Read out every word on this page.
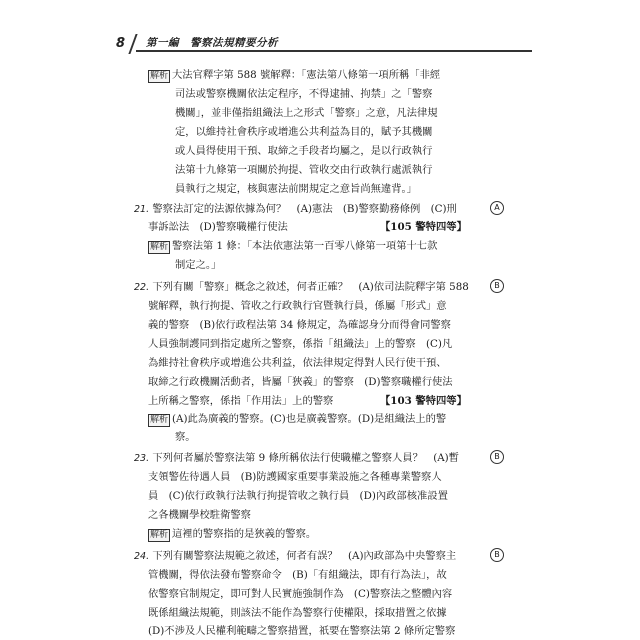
8 第一編　警察法規精要分析
解析 大法官釋字第 588 號解釋：「憲法第八條第一項所稱「非經
司法或警察機關依法定程序，不得逮捕、拘禁」之「警察
機關」，並非僅指組織法上之形式「警察」之意，凡法律規
定，以維持社會秩序或增進公共利益為目的，賦予其機關
或人員得使用干預、取締之手段者均屬之，是以行政執行
法第十九條第一項關於拘提、管收交由行政執行處派執行
員執行之規定，核與憲法前開規定之意旨尚無違背。」
21. 警察法訂定的法源依據為何？　(A)憲法　(B)警察勤務條例　(C)刑	A
事訴訟法　(D)警察職權行使法	【105 警特四等】
解析 警察法第 1 條：「本法依憲法第一百零八條第一項第十七款
制定之。」
22. 下列有關「警察」概念之敘述，何者正確？　(A)依司法院釋字第 588	B
號解釋，執行拘提、管收之行政執行官暨執行員，係屬「形式」意
義的警察　(B)依行政程法第 34 條規定，為確認身分而得會同警察
人員強制護同到指定處所之警察，係指「組織法」上的警察　(C)凡
為維持社會秩序或增進公共利益，依法律規定得對人民行使干預、
取締之行政機關活動者，皆屬「狹義」的警察　(D)警察職權行使法
上所稱之警察，係指「作用法」上的警察	【103 警特四等】
解析 (A)此為廣義的警察。(C)也是廣義警察。(D)是組織法上的警
察。
23. 下列何者屬於警察法第 9 條所稱依法行使職權之警察人員？　(A)暫	B
支領警佐待遇人員　(B)防護國家重要事業設施之各種專業警察人
員　(C)依行政執行法執行拘提管收之執行員　(D)內政部核准設置
之各機關學校駐衛警察
解析 這裡的警察指的是狹義的警察。
24. 下列有關警察法規範之敘述，何者有誤？　(A)內政部為中央警察主	B
管機關，得依法發布警察命令　(B)「有組織法，即有行為法」，故
依警察官制規定，即可對人民實施強制作為　(C)警察法之整體內容
既係組織法規範，則該法不能作為警察行使權限，採取措置之依據
(D)不涉及人民權利範疇之警察措置，祇要在警察法第 2 條所定警察
